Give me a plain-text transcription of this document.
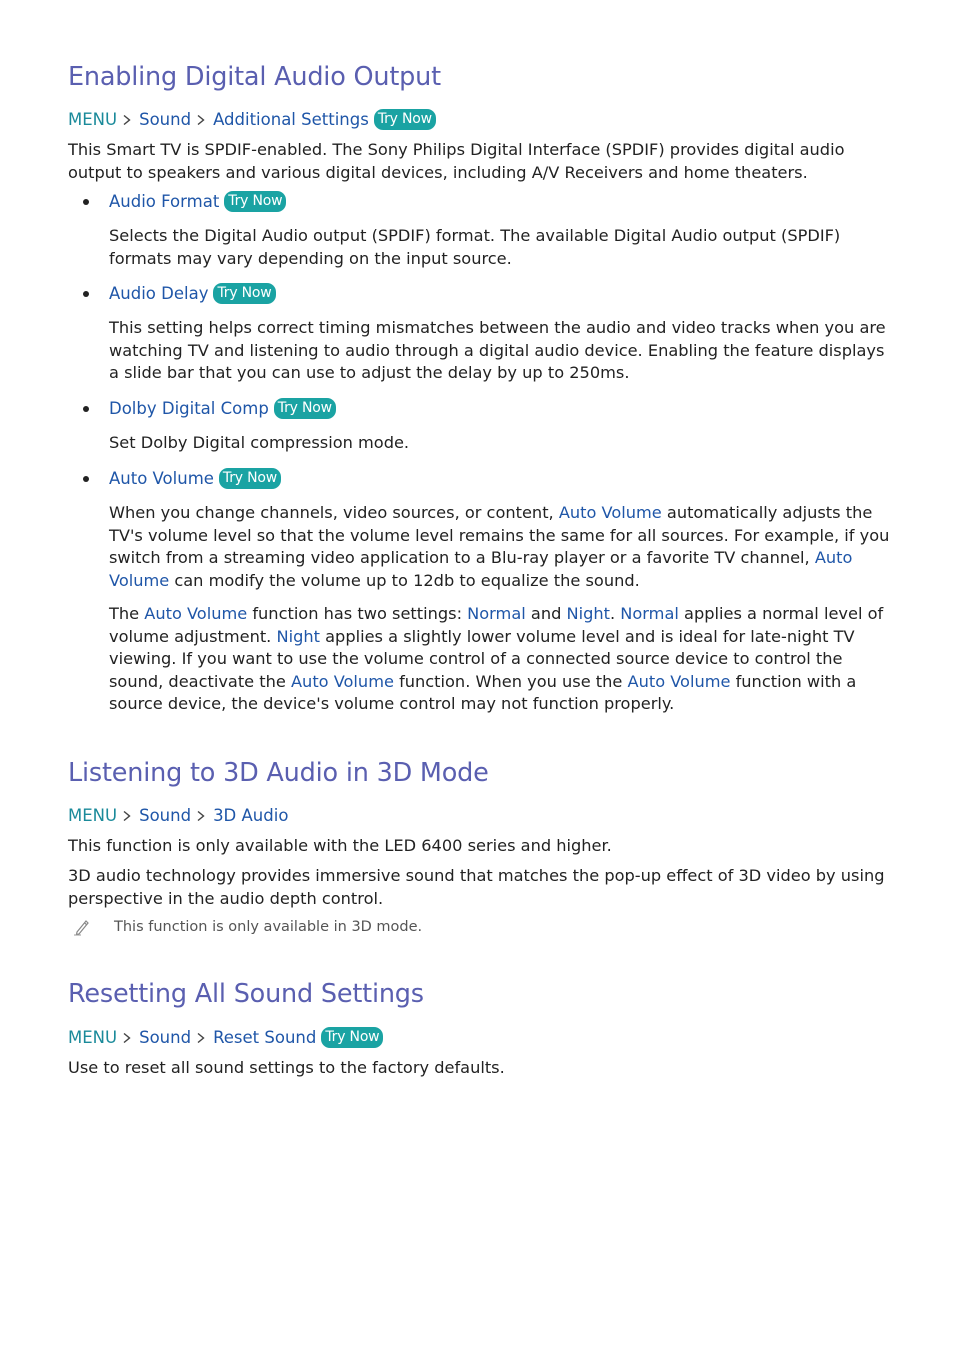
Enabling Digital Audio Output
MENU Sound Additional Settings Try Now

This Smart TV is SPDIF-enabled. The Sony Philips Digital Interface (SPDIF) provides digital audio output to speakers and various digital devices, including A/V Receivers and home theaters.

Audio Format Try Now

Selects the Digital Audio output (SPDIF) format. The available Digital Audio output (SPDIF) formats may vary depending on the input source.

Audio Delay Try Now

This setting helps correct timing mismatches between the audio and video tracks when you are watching TV and listening to audio through a digital audio device. Enabling the feature displays a slide bar that you can use to adjust the delay by up to 250ms.

Dolby Digital Comp Try Now

Set Dolby Digital compression mode.

Auto Volume Try Now

When you change channels, video sources, or content, Auto Volume automatically adjusts the TV's volume level so that the volume level remains the same for all sources. For example, if you switch from a streaming video application to a Blu-ray player or a favorite TV channel, Auto Volume can modify the volume up to 12db to equalize the sound.

The Auto Volume function has two settings: Normal and Night. Normal applies a normal level of volume adjustment. Night applies a slightly lower volume level and is ideal for late-night TV viewing. If you want to use the volume control of a connected source device to control the sound, deactivate the Auto Volume function. When you use the Auto Volume function with a source device, the device's volume control may not function properly.

Listening to 3D Audio in 3D Mode
MENU Sound 3D Audio

This function is only available with the LED 6400 series and higher.

3D audio technology provides immersive sound that matches the pop-up effect of 3D video by using perspective in the audio depth control.

This function is only available in 3D mode.
Resetting All Sound Settings
MENU Sound Reset Sound Try Now

Use to reset all sound settings to the factory defaults.
